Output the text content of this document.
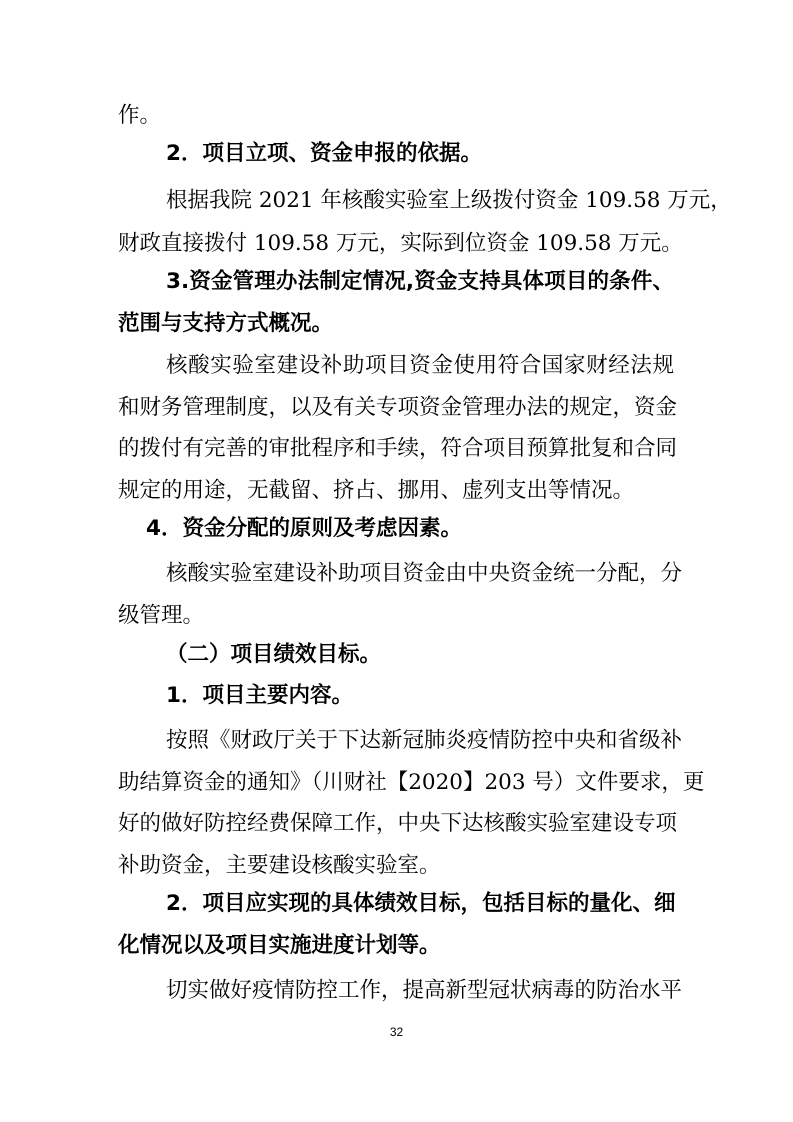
作。
2．项目立项、资金申报的依据。
根据我院 2021 年核酸实验室上级拨付资金 109.58 万元，
财政直接拨付 109.58 万元，实际到位资金 109.58 万元。
3.资金管理办法制定情况,资金支持具体项目的条件、
范围与支持方式概况。
核酸实验室建设补助项目资金使用符合国家财经法规
和财务管理制度，以及有关专项资金管理办法的规定，资金
的拨付有完善的审批程序和手续，符合项目预算批复和合同
规定的用途，无截留、挤占、挪用、虚列支出等情况。
4．资金分配的原则及考虑因素。
核酸实验室建设补助项目资金由中央资金统一分配，分
级管理。
（二）项目绩效目标。
1．项目主要内容。
按照《财政厅关于下达新冠肺炎疫情防控中央和省级补
助结算资金的通知》（川财社【2020】203 号）文件要求，更
好的做好防控经费保障工作，中央下达核酸实验室建设专项
补助资金，主要建设核酸实验室。
2．项目应实现的具体绩效目标，包括目标的量化、细
化情况以及项目实施进度计划等。
切实做好疫情防控工作，提高新型冠状病毒的防治水平
32
